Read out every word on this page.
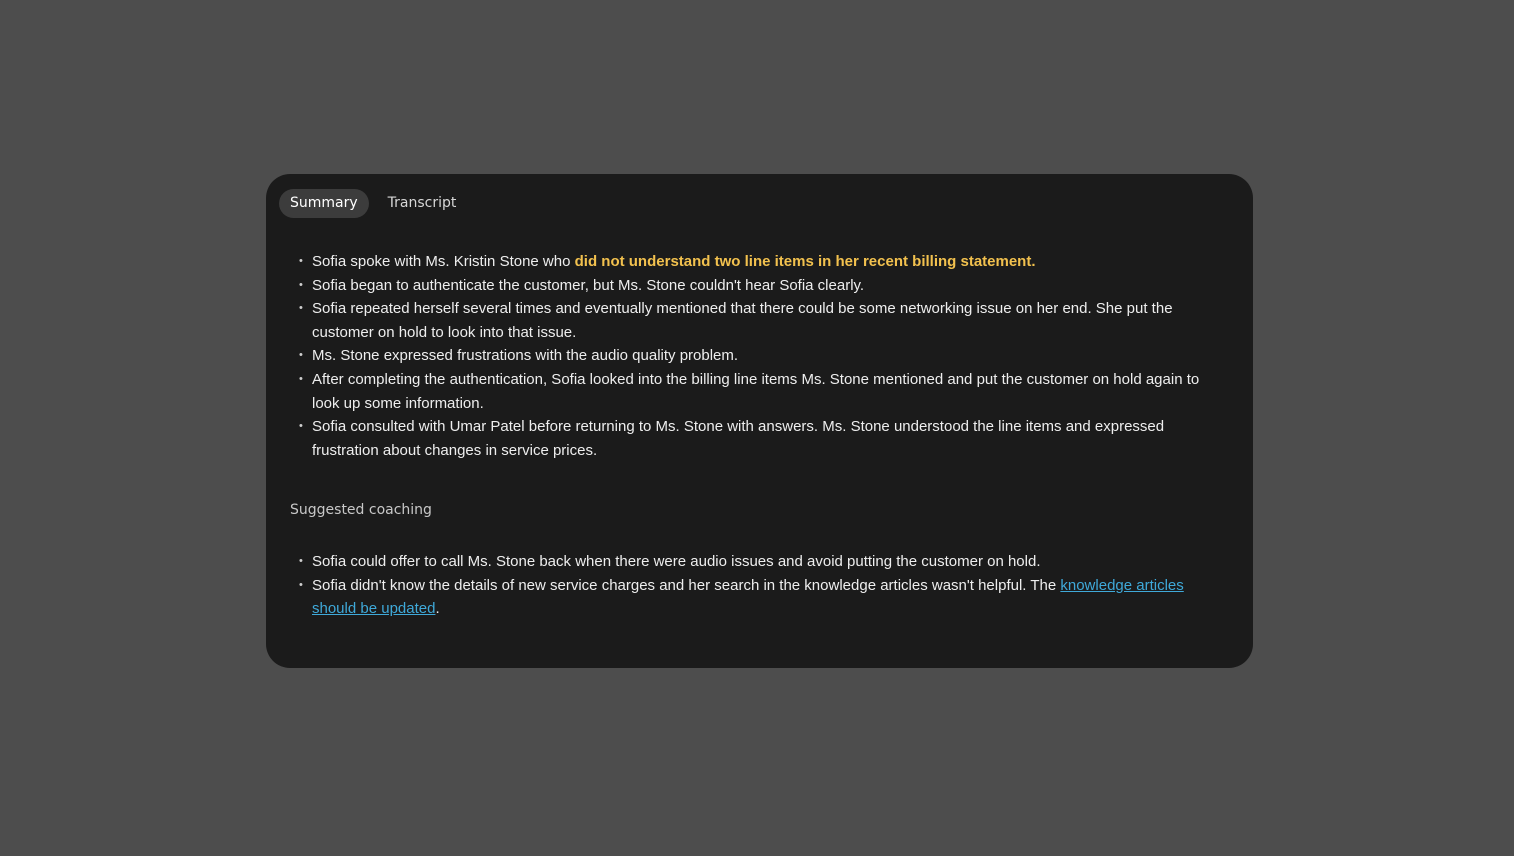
Summary	Transcript
• Sofia spoke with Ms. Kristin Stone who did not understand two line items in her recent billing statement.
• Sofia began to authenticate the customer, but Ms. Stone couldn't hear Sofia clearly.
• Sofia repeated herself several times and eventually mentioned that there could be some networking issue on her end. She put the customer on hold to look into that issue.
• Ms. Stone expressed frustrations with the audio quality problem.
• After completing the authentication, Sofia looked into the billing line items Ms. Stone mentioned and put the customer on hold again to look up some information.
• Sofia consulted with Umar Patel before returning to Ms. Stone with answers. Ms. Stone understood the line items and expressed frustration about changes in service prices.
Suggested coaching
• Sofia could offer to call Ms. Stone back when there were audio issues and avoid putting the customer on hold.
• Sofia didn't know the details of new service charges and her search in the knowledge articles wasn't helpful. The knowledge articles should be updated.
